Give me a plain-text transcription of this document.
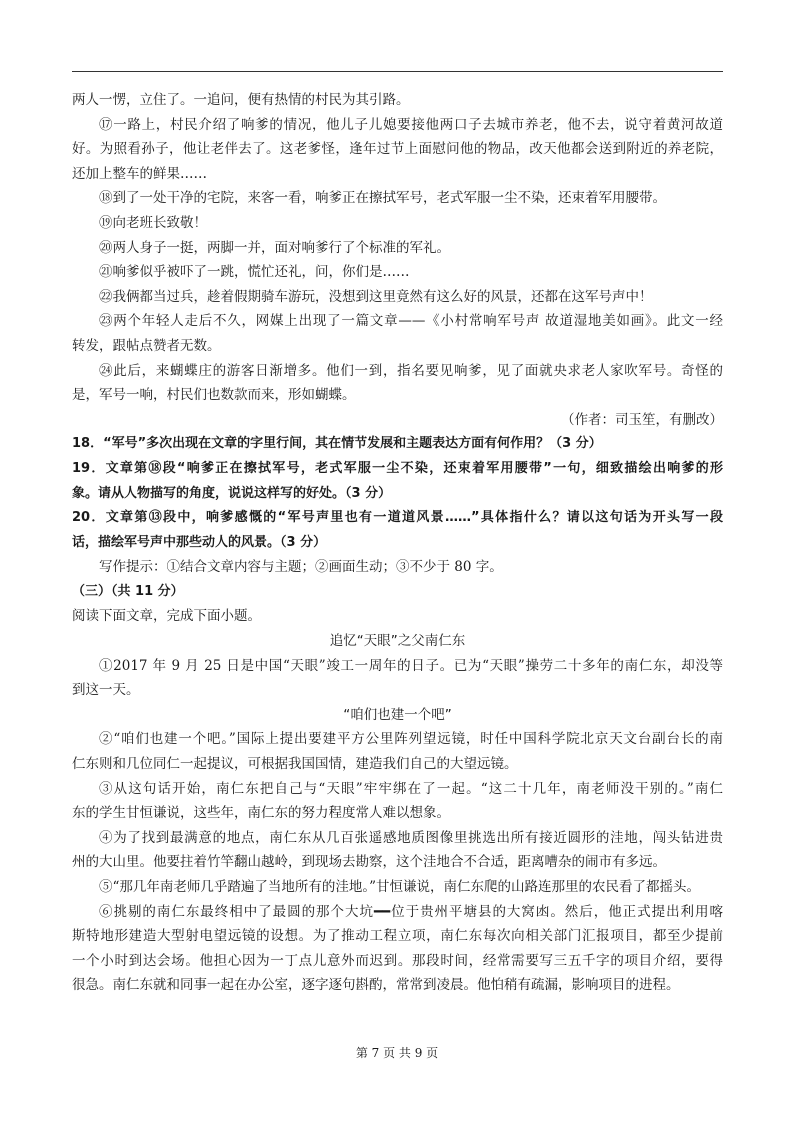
两人一愣，立住了。一追问，便有热情的村民为其引路。
⑰一路上，村民介绍了响爹的情况，他儿子儿媳要接他两口子去城市养老，他不去，说守着黄河故道
好。为照看孙子，他让老伴去了。这老爹怪，逢年过节上面慰问他的物品，改天他都会送到附近的养老院，
还加上整车的鲜果……
⑱到了一处干净的宅院，来客一看，响爹正在擦拭军号，老式军服一尘不染，还束着军用腰带。
⑲向老班长致敬！
⑳两人身子一挺，两脚一并，面对响爹行了个标准的军礼。
㉑响爹似乎被吓了一跳，慌忙还礼，问，你们是……
㉒我俩都当过兵，趁着假期骑车游玩，没想到这里竟然有这么好的风景，还都在这军号声中！
㉓两个年轻人走后不久，网媒上出现了一篇文章——《小村常响军号声 故道湿地美如画》。此文一经
转发，跟帖点赞者无数。
㉔此后，来蝴蝶庄的游客日渐增多。他们一到，指名要见响爹，见了面就央求老人家吹军号。奇怪的
是，军号一响，村民们也数款而来，形如蝴蝶。
（作者：司玉笙，有删改）
18．“军号”多次出现在文章的字里行间，其在情节发展和主题表达方面有何作用？（3 分）
19．文章第⑱段“响爹正在擦拭军号，老式军服一尘不染，还束着军用腰带”一句，细致描绘出响爹的形
象。请从人物描写的角度，说说这样写的好处。（3 分）
20．文章第⑬段中，响爹感慨的“军号声里也有一道道风景……”具体指什么？请以这句话为开头写一段
话，描绘军号声中那些动人的风景。（3 分）
写作提示：①结合文章内容与主题；②画面生动；③不少于 80 字。
（三）（共 11 分）
阅读下面文章，完成下面小题。
追忆“天眼”之父南仁东
①2017 年 9 月 25 日是中国“天眼”竣工一周年的日子。已为“天眼”操劳二十多年的南仁东，却没等
到这一天。
“咱们也建一个吧”
②“咱们也建一个吧。”国际上提出要建平方公里阵列望远镜，时任中国科学院北京天文台副台长的南
仁东则和几位同仁一起提议，可根据我国国情，建造我们自己的大望远镜。
③从这句话开始，南仁东把自己与“天眼”牢牢绑在了一起。“这二十几年，南老师没干别的。”南仁
东的学生甘恒谦说，这些年，南仁东的努力程度常人难以想象。
④为了找到最满意的地点，南仁东从几百张遥感地质图像里挑选出所有接近圆形的洼地，闯头钻进贵
州的大山里。他要拄着竹竿翻山越岭，到现场去勘察，这个洼地合不合适，距离嘈杂的闹市有多远。
⑤“那几年南老师几乎踏遍了当地所有的洼地。”甘恒谦说，南仁东爬的山路连那里的农民看了都摇头。
⑥挑剔的南仁东最终相中了最圆的那个大坑━━位于贵州平塘县的大窝凼。然后，他正式提出利用喀
斯特地形建造大型射电望远镜的设想。为了推动工程立项，南仁东每次向相关部门汇报项目，都至少提前
一个小时到达会场。他担心因为一丁点儿意外而迟到。那段时间，经常需要写三五千字的项目介绍，要得
很急。南仁东就和同事一起在办公室，逐字逐句斟酌，常常到凌晨。他怕稍有疏漏，影响项目的进程。
第 7 页 共 9 页
